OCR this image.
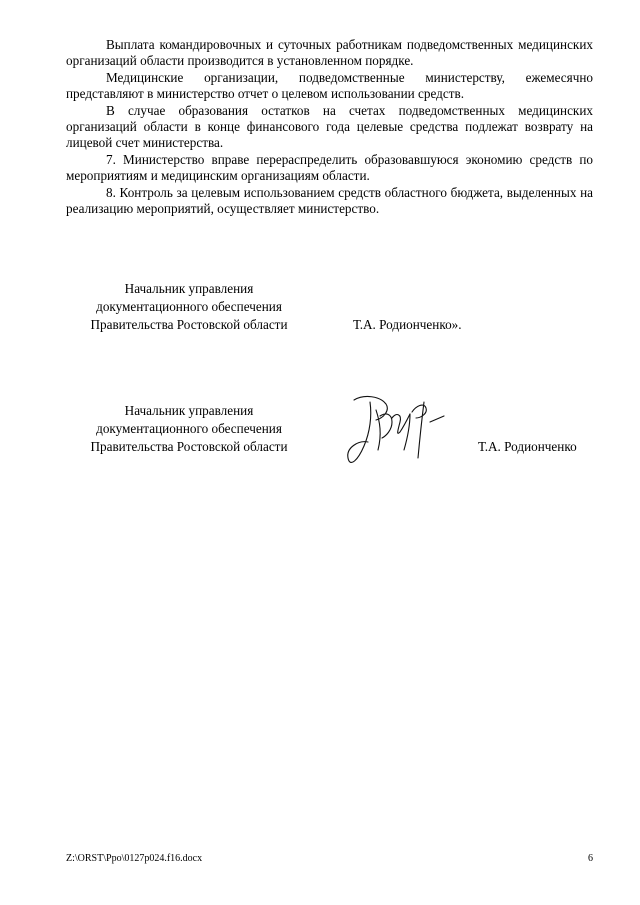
Выплата командировочных и суточных работникам подведомственных медицинских организаций области производится в установленном порядке.

Медицинские организации, подведомственные министерству, ежемесячно представляют в министерство отчет о целевом использовании средств.

В случае образования остатков на счетах подведомственных медицинских организаций области в конце финансового года целевые средства подлежат возврату на лицевой счет министерства.

7. Министерство вправе перераспределить образовавшуюся экономию средств по мероприятиям и медицинским организациям области.

8. Контроль за целевым использованием средств областного бюджета, выделенных на реализацию мероприятий, осуществляет министерство.

Начальник управления
документационного обеспечения
Правительства Ростовской области	Т.А. Родионченко».
Начальник управления
документационного обеспечения
Правительства Ростовской области	Т.А. Родионченко
Z:\ORST\Ppo\0127p024.f16.docx	6
